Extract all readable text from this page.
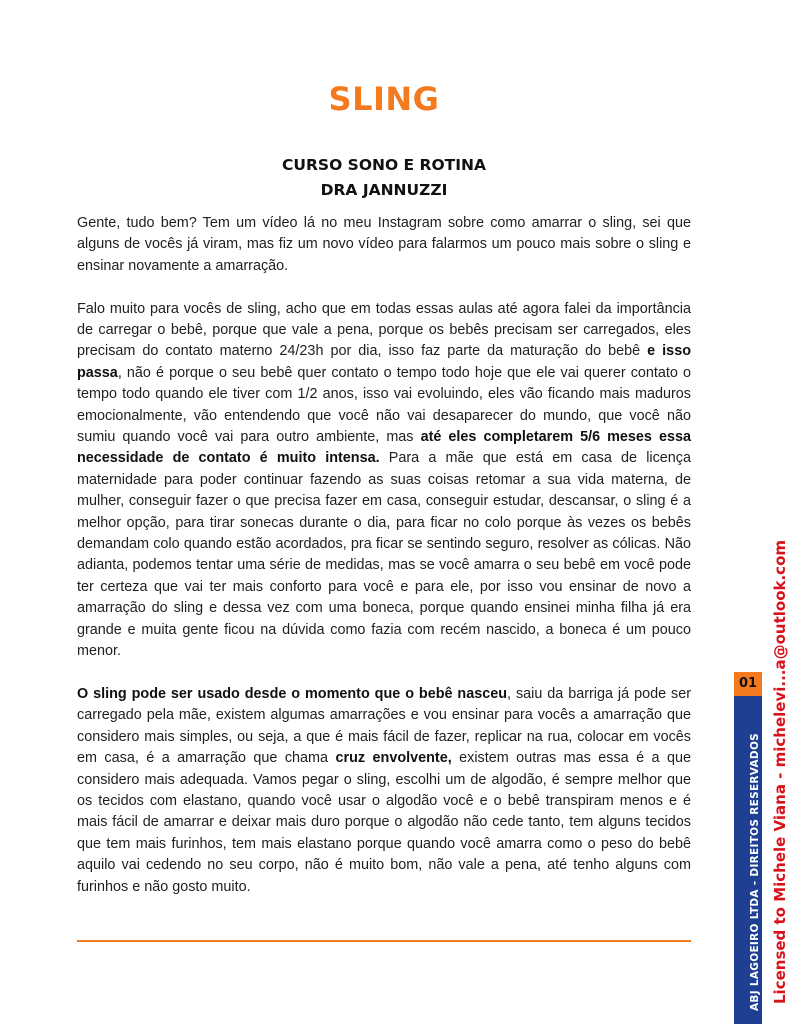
SLING
CURSO SONO E ROTINA
DRA JANNUZZI

Gente, tudo bem? Tem um vídeo lá no meu Instagram sobre como amarrar o sling, sei que alguns de vocês já viram, mas fiz um novo vídeo para falarmos um pouco mais sobre o sling e ensinar novamente a amarração.

Falo muito para vocês de sling, acho que em todas essas aulas até agora falei da importância de carregar o bebê, porque que vale a pena, porque os bebês precisam ser carregados, eles precisam do contato materno 24/23h por dia, isso faz parte da maturação do bebê e isso passa, não é porque o seu bebê quer contato o tempo todo hoje que ele vai querer contato o tempo todo quando ele tiver com 1/2 anos, isso vai evoluindo, eles vão ficando mais maduros emocionalmente, vão entendendo que você não vai desaparecer do mundo, que você não sumiu quando você vai para outro ambiente, mas até eles completarem 5/6 meses essa necessidade de contato é muito intensa. Para a mãe que está em casa de licença maternidade para poder continuar fazendo as suas coisas retomar a sua vida materna, de mulher, conseguir fazer o que precisa fazer em casa, conseguir estudar, descansar, o sling é a melhor opção, para tirar sonecas durante o dia, para ficar no colo porque às vezes os bebês demandam colo quando estão acordados, pra ficar se sentindo seguro, resolver as cólicas. Não adianta, podemos tentar uma série de medidas, mas se você amarra o seu bebê em você pode ter certeza que vai ter mais conforto para você e para ele, por isso vou ensinar de novo a amarração do sling e dessa vez com uma boneca, porque quando ensinei minha filha já era grande e muita gente ficou na dúvida como fazia com recém nascido, a boneca é um pouco menor.

O sling pode ser usado desde o momento que o bebê nasceu, saiu da barriga já pode ser carregado pela mãe, existem algumas amarrações e vou ensinar para vocês a amarração que considero mais simples, ou seja, a que é mais fácil de fazer, replicar na rua, colocar em vocês em casa, é a amarração que chama cruz envolvente, existem outras mas essa é a que considero mais adequada. Vamos pegar o sling, escolhi um de algodão, é sempre melhor que os tecidos com elastano, quando você usar o algodão você e o bebê transpiram menos e é mais fácil de amarrar e deixar mais duro porque o algodão não cede tanto, tem alguns tecidos que tem mais furinhos, tem mais elastano porque quando você amarra como o peso do bebê aquilo vai cedendo no seu corpo, não é muito bom, não vale a pena, até tenho alguns com furinhos e não gosto muito.

01
ABJ LAGOEIRO LTDA - DIREITOS RESERVADOS Licensed to Michele Viana - michelevi...a@outlook.com
